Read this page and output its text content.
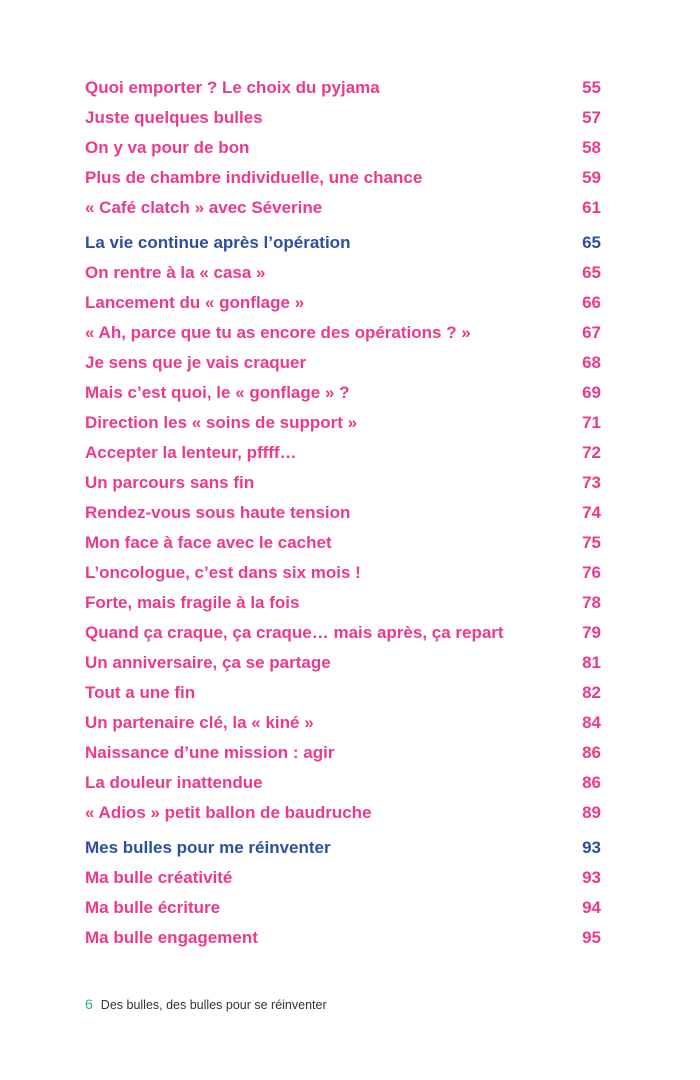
Quoi emporter ? Le choix du pyjama	55
Juste quelques bulles	57
On y va pour de bon	58
Plus de chambre individuelle, une chance	59
« Café clatch » avec Séverine	61
La vie continue après l’opération	65
On rentre à la « casa »	65
Lancement du « gonflage »	66
« Ah, parce que tu as encore des opérations ? »	67
Je sens que je vais craquer	68
Mais c’est quoi, le « gonflage » ?	69
Direction les « soins de support »	71
Accepter la lenteur, pffff…	72
Un parcours sans fin	73
Rendez-vous sous haute tension	74
Mon face à face avec le cachet	75
L’oncologue, c’est dans six mois !	76
Forte, mais fragile à la fois	78
Quand ça craque, ça craque… mais après, ça repart	79
Un anniversaire, ça se partage	81
Tout a une fin	82
Un partenaire clé, la « kiné »	84
Naissance d’une mission : agir	86
La douleur inattendue	86
« Adios » petit ballon de baudruche	89
Mes bulles pour me réinventer	93
Ma bulle créativité	93
Ma bulle écriture	94
Ma bulle engagement	95
6 Des bulles, des bulles pour se réinventer
